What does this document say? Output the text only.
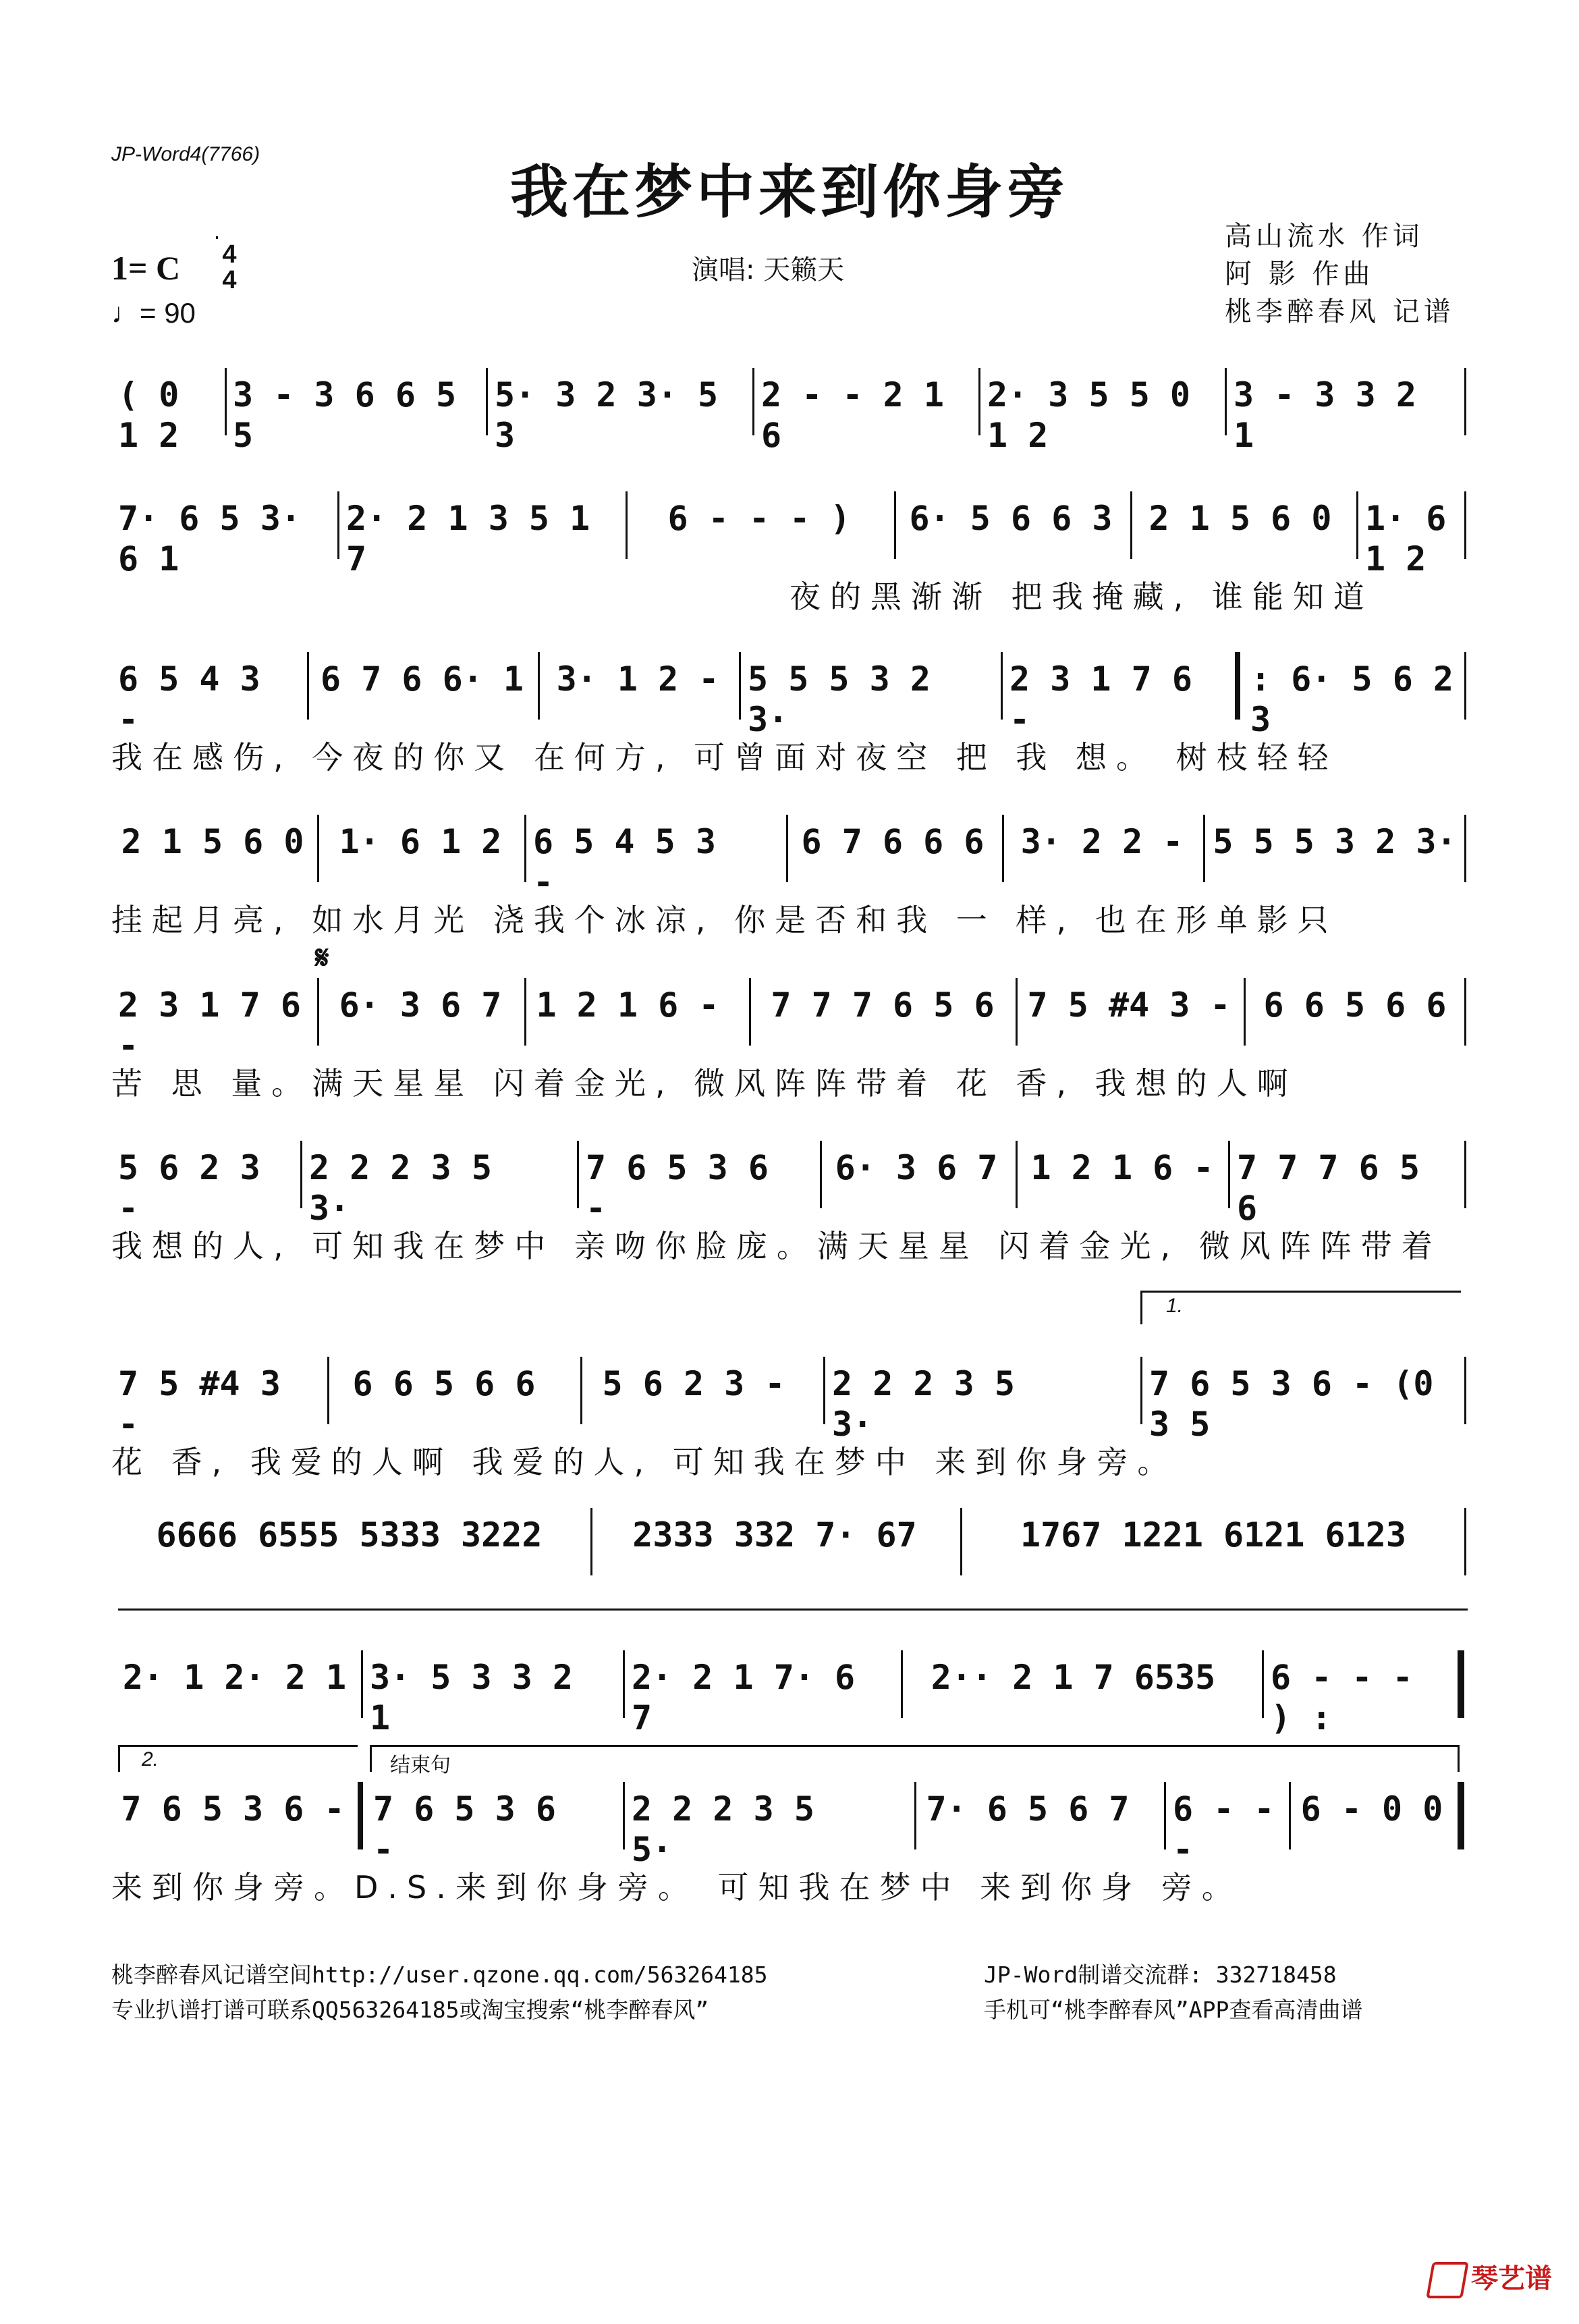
JP-Word4(7766)
我在梦中来到你身旁
1= C 4
4
♩= 90
演唱: 天籁天
高山流水 作词
阿 影 作曲
桃李醉春风 记谱
( 0 1 2
3 - 3 6 6 5 5
5· 3 2 3· 5 3
2 - - 2 1 6
2· 3 5 5 0 1 2
3 - 3 3 2 1
7· 6 5 3· 6 1
2· 2 1 3 5 1 7
6 - - - )	6· 5 6 6 3	2 1 5 6 0 1· 6 1 2
夜的黑渐渐 把我掩藏, 谁能知道
6 5 4 3 -
6 7 6 6· 1 3· 1 2 - 5 5 5 3 2 3·
2 3 1 7 6 -
: 6· 5 6 2 3
我在感伤, 今夜的你又 在何方, 可曾面对夜空 把 我 想。 树枝轻轻
2 1 5 6 0	1· 6 1 2 6 5 4 5 3 -
6 7 6 6 6	3· 2 2 - 5 5 5 3 2 3·
挂起月亮, 如水月光 浇我个冰凉, 你是否和我 一 样, 也在形单影只
𝄋
2 3 1 7 6 -
6· 3 6 7	1 2 1 6 -	7 7 7 6 5 6 7 5 #4 3 - 6 6 5 6 6
苦 思 量。满天星星 闪着金光, 微风阵阵带着 花 香, 我想的人啊
5 6 2 3 -
2 2 2 3 5 3·
7 6 5 3 6 -
6· 3 6 7 1 2 1 6 - 7 7 7 6 5 6
我想的人, 可知我在梦中 亲吻你脸庞。满天星星 闪着金光, 微风阵阵带着
1.
7 5 #4 3 -
6 6 5 6 6	5 6 2 3 -	2 2 2 3 5 3·
7 6 5 3 6 - (0 3 5
花 香, 我爱的人啊 我爱的人, 可知我在梦中 来到你身旁。
6666 6555 5333 3222	2333 332 7· 67	1767 1221 6121 6123
2· 1 2· 2 1 3· 5 3 3 2 1
2· 2 1 7· 6 7
2·· 2 1 7 6535	6 - - - ) :
2.	结束句
7 6 5 3 6 - 7 6 5 3 6 -
2 2 2 3 5 5·
7· 6 5 6 7 6 - - -
6 - 0 0
来到你身旁。D.S.来到你身旁。 可知我在梦中 来到你身 旁。
桃李醉春风记谱空间http://user.qzone.qq.com/563264185
专业扒谱打谱可联系QQ563264185或淘宝搜索“桃李醉春风”
JP-Word制谱交流群: 332718458
手机可“桃李醉春风”APP查看高清曲谱
琴艺谱
